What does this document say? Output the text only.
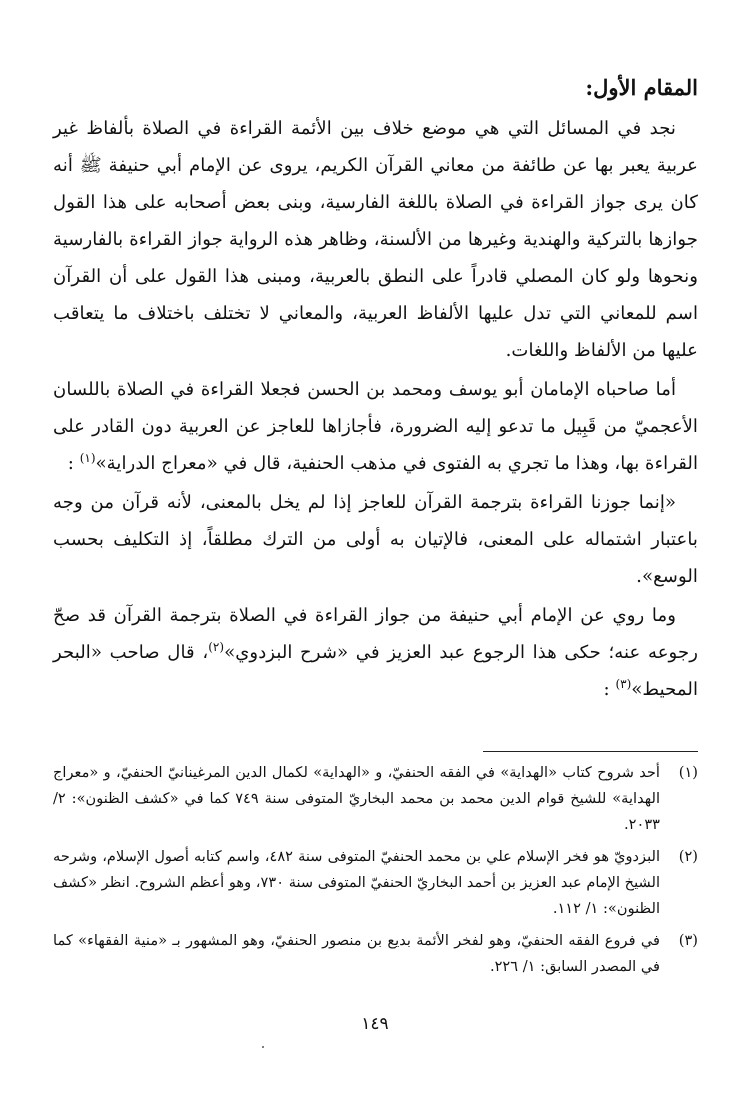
المقام الأول:

نجد في المسائل التي هي موضع خلاف بين الأئمة القراءة في الصلاة بألفاظ غير عربية يعبر بها عن طائفة من معاني القرآن الكريم، يروى عن الإمام أبي حنيفة ﷺ أنه كان يرى جواز القراءة في الصلاة باللغة الفارسية، وبنى بعض أصحابه على هذا القول جوازها بالتركية والهندية وغيرها من الألسنة، وظاهر هذه الرواية جواز القراءة بالفارسية ونحوها ولو كان المصلي قادراً على النطق بالعربية، ومبنى هذا القول على أن القرآن اسم للمعاني التي تدل عليها الألفاظ العربية، والمعاني لا تختلف باختلاف ما يتعاقب عليها من الألفاظ واللغات.

أما صاحباه الإمامان أبو يوسف ومحمد بن الحسن فجعلا القراءة في الصلاة باللسان الأعجميّ من قَبِيل ما تدعو إليه الضرورة، فأجازاها للعاجز عن العربية دون القادر على القراءة بها، وهذا ما تجري به الفتوى في مذهب الحنفية، قال في «معراج الدراية»$^{(١)}$ :

«إنما جوزنا القراءة بترجمة القرآن للعاجز إذا لم يخل بالمعنى، لأنه قرآن من وجه باعتبار اشتماله على المعنى، فالإتيان به أولى من الترك مطلقاً، إذ التكليف بحسب الوسع».

وما روي عن الإمام أبي حنيفة من جواز القراءة في الصلاة بترجمة القرآن قد صحّ رجوعه عنه؛ حكى هذا الرجوع عبد العزيز في «شرح البزدوي»$^{(٢)}$، قال صاحب «البحر المحيط»$^{(٣)}$ :

(١)
أحد شروح كتاب «الهداية» في الفقه الحنفيّ، و «الهداية» لكمال الدين المرغينانيّ الحنفيّ، و «معراج الهداية» للشيخ قوام الدين محمد بن محمد البخاريّ المتوفى سنة ٧٤٩ كما في «كشف الظنون»: ٢/ ٢٠٣٣.
(٢)
البزدويّ هو فخر الإسلام علي بن محمد الحنفيّ المتوفى سنة ٤٨٢، واسم كتابه أصول الإسلام، وشرحه الشيخ الإمام عبد العزيز بن أحمد البخاريّ الحنفيّ المتوفى سنة ٧٣٠، وهو أعظم الشروح. انظر «كشف الظنون»: ١/ ١١٢.
(٣)
في فروع الفقه الحنفيّ، وهو لفخر الأئمة بديع بن منصور الحنفيّ، وهو المشهور بـ «منية الفقهاء» كما في المصدر السابق: ١/ ٢٢٦.
١٤٩
